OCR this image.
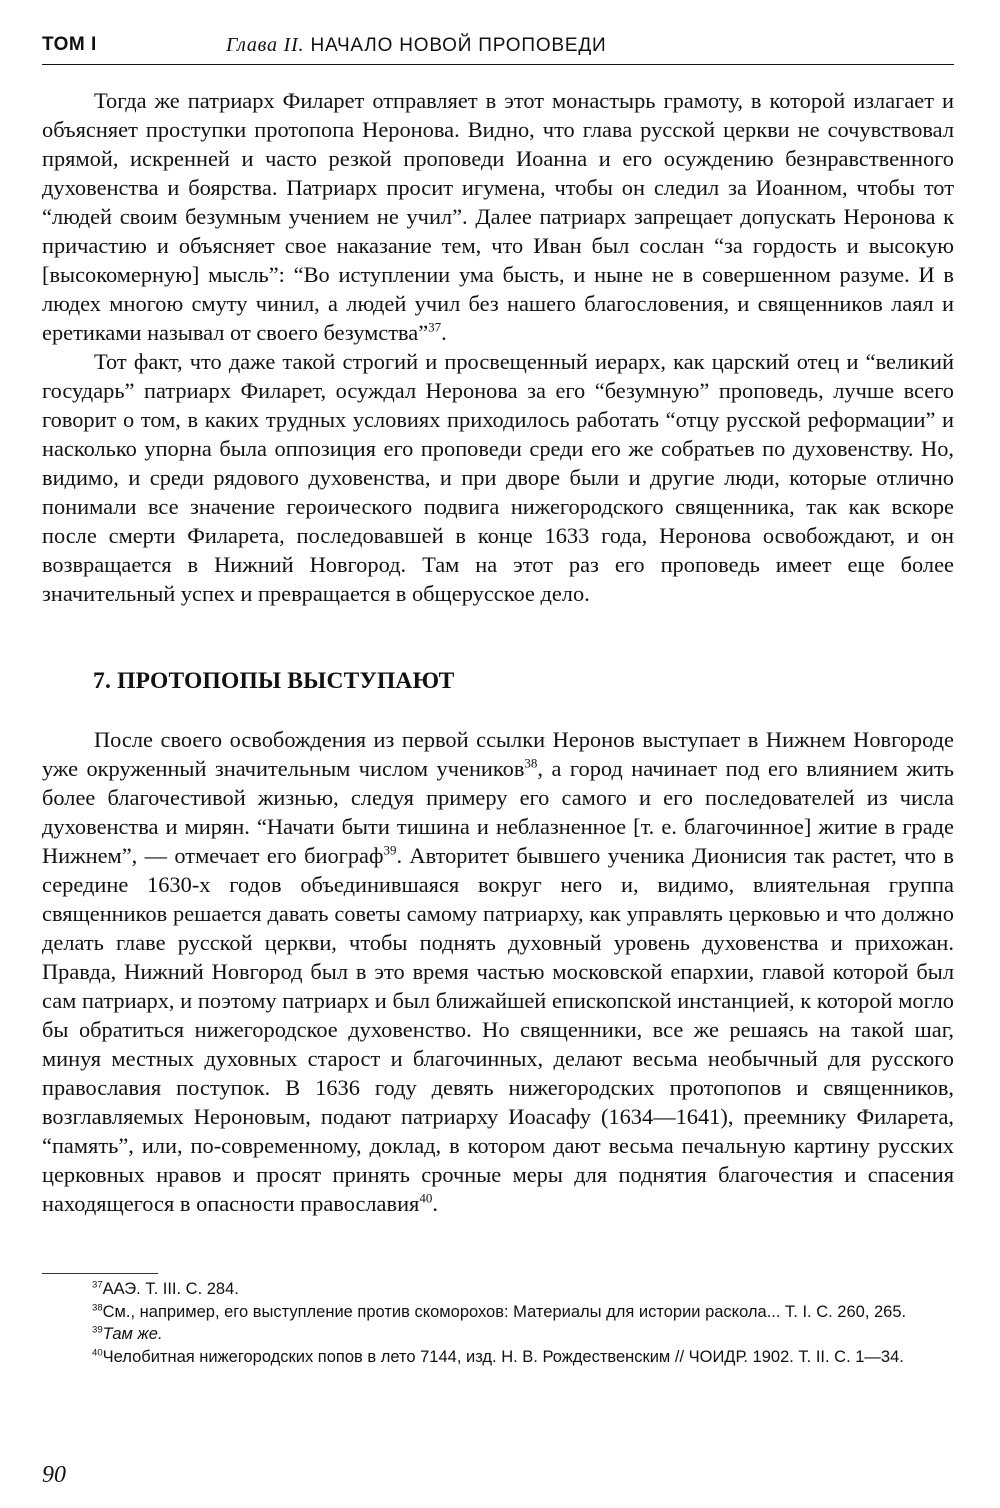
ТОМ I	Глава II. НАЧАЛО НОВОЙ ПРОПОВЕДИ

Тогда же патриарх Филарет отправляет в этот монастырь грамоту, в которой излагает и объясняет проступки протопопа Неронова. Видно, что глава русской церкви не сочувствовал прямой, искренней и часто резкой проповеди Иоанна и его осуждению безнравственного духовенства и боярства. Патриарх просит игумена, чтобы он следил за Иоанном, чтобы тот “людей своим безумным учением не учил”. Далее патриарх запрещает допускать Неронова к причастию и объясняет свое наказание тем, что Иван был сослан “за гордость и высокую [высокомерную] мысль”: “Во иступлении ума бысть, и ныне не в совершенном разуме. И в людех многою смуту чинил, а людей учил без нашего благословения, и священников лаял и еретиками называл от своего безумства”$^{37}$.

Тот факт, что даже такой строгий и просвещенный иерарх, как царский отец и “великий государь” патриарх Филарет, осуждал Неронова за его “безумную” проповедь, лучше всего говорит о том, в каких трудных условиях приходилось работать “отцу русской реформации” и насколько упорна была оппозиция его проповеди среди его же собратьев по духовенству. Но, видимо, и среди рядового духовенства, и при дворе были и другие люди, которые отлично понимали все значение героического подвига нижегородского священника, так как вскоре после смерти Филарета, последовавшей в конце 1633 года, Неронова освобождают, и он возвращается в Нижний Новгород. Там на этот раз его проповедь имеет еще более значительный успех и превращается в общерусское дело.

7. ПРОТОПОПЫ ВЫСТУПАЮТ

После своего освобождения из первой ссылки Неронов выступает в Нижнем Новгороде уже окруженный значительным числом учеников$^{38}$, а город начинает под его влиянием жить более благочестивой жизнью, следуя примеру его самого и его последователей из числа духовенства и мирян. “Начати быти тишина и неблазненное [т. е. благочинное] житие в граде Нижнем”, — отмечает его биограф$^{39}$. Авторитет бывшего ученика Дионисия так растет, что в середине 1630-х годов объединившаяся вокруг него и, видимо, влиятельная группа священников решается давать советы самому патриарху, как управлять церковью и что должно делать главе русской церкви, чтобы поднять духовный уровень духовенства и прихожан. Правда, Нижний Новгород был в это время частью московской епархии, главой которой был сам патриарх, и поэтому патриарх и был ближайшей епископской инстанцией, к которой могло бы обратиться нижегородское духовенство. Но священники, все же решаясь на такой шаг, минуя местных духовных старост и благочинных, делают весьма необычный для русского православия поступок. В 1636 году девять нижегородских протопопов и священников, возглавляемых Нероновым, подают патриарху Иоасафу (1634—1641), преемнику Филарета, “память”, или, по-современному, доклад, в котором дают весьма печальную картину русских церковных нравов и просят принять срочные меры для поднятия благочестия и спасения находящегося в опасности православия$^{40}$.

$^{37}$ААЭ. Т. III. С. 284.

$^{38}$См., например, его выступление против скоморохов: Материалы для истории раскола... Т. I. С. 260, 265.

$^{39}$Там же.

$^{40}$Челобитная нижегородских попов в лето 7144, изд. Н. В. Рождественским // ЧОИДР. 1902. Т. II. С. 1—34.

90
